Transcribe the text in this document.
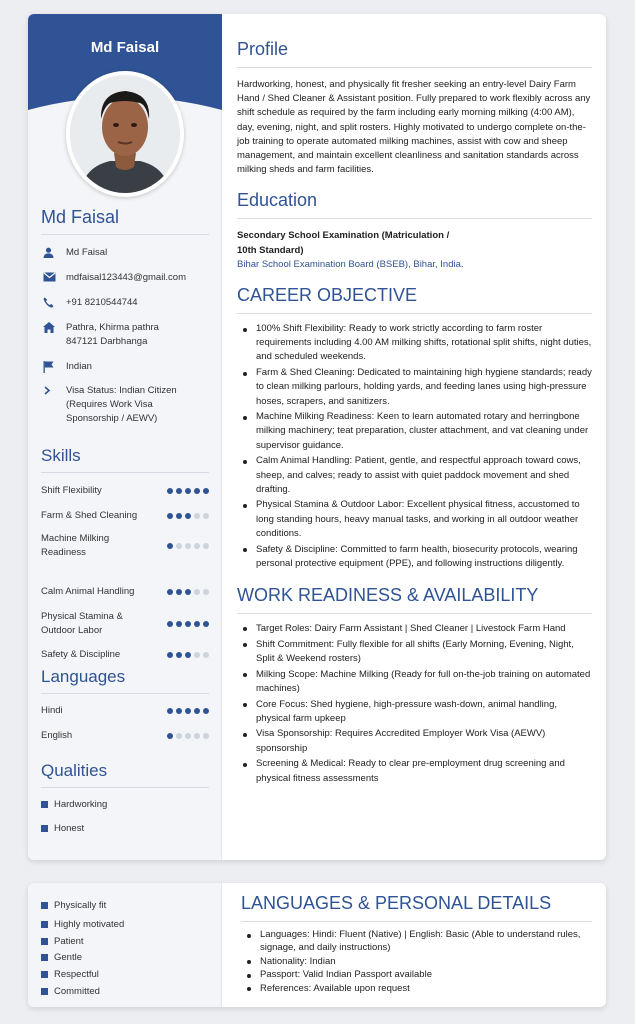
Md Faisal
Md Faisal
Md Faisal
mdfaisal123443@gmail.com
+91 8210544744
Pathra, Khirma pathra 847121 Darbhanga
Indian
Visa Status: Indian Citizen (Requires Work Visa Sponsorship / AEWV)
Skills
Shift Flexibility
Farm & Shed Cleaning
Machine Milking Readiness
Calm Animal Handling
Physical Stamina & Outdoor Labor
Safety & Discipline
Languages
Hindi
English
Qualities
Hardworking
Honest
Profile
Hardworking, honest, and physically fit fresher seeking an entry-level Dairy Farm Hand / Shed Cleaner & Assistant position. Fully prepared to work flexibly across any shift schedule as required by the farm including early morning milking (4:00 AM), day, evening, night, and split rosters. Highly motivated to undergo complete on-the-job training to operate automated milking machines, assist with cow and sheep management, and maintain excellent cleanliness and sanitation standards across milking sheds and farm facilities.
Education
Secondary School Examination (Matriculation / 10th Standard)
Bihar School Examination Board (BSEB), Bihar, India.
CAREER OBJECTIVE
100% Shift Flexibility: Ready to work strictly according to farm roster requirements including 4.00 AM milking shifts, rotational split shifts, night duties, and scheduled weekends.
Farm & Shed Cleaning: Dedicated to maintaining high hygiene standards; ready to clean milking parlours, holding yards, and feeding lanes using high-pressure hoses, scrapers, and sanitizers.
Machine Milking Readiness: Keen to learn automated rotary and herringbone milking machinery; teat preparation, cluster attachment, and vat cleaning under supervisor guidance.
Calm Animal Handling: Patient, gentle, and respectful approach toward cows, sheep, and calves; ready to assist with quiet paddock movement and shed drafting.
Physical Stamina & Outdoor Labor: Excellent physical fitness, accustomed to long standing hours, heavy manual tasks, and working in all outdoor weather conditions.
Safety & Discipline: Committed to farm health, biosecurity protocols, wearing personal protective equipment (PPE), and following instructions diligently.
WORK READINESS & AVAILABILITY
Target Roles: Dairy Farm Assistant | Shed Cleaner | Livestock Farm Hand
Shift Commitment: Fully flexible for all shifts (Early Morning, Evening, Night, Split & Weekend rosters)
Milking Scope: Machine Milking (Ready for full on-the-job training on automated machines)
Core Focus: Shed hygiene, high-pressure wash-down, animal handling, physical farm upkeep
Visa Sponsorship: Requires Accredited Employer Work Visa (AEWV) sponsorship
Screening & Medical: Ready to clear pre-employment drug screening and physical fitness assessments
Physically fit
Highly motivated
Patient
Gentle
Respectful
Committed
LANGUAGES & PERSONAL DETAILS
Languages: Hindi: Fluent (Native) | English: Basic (Able to understand rules, signage, and daily instructions)
Nationality: Indian
Passport: Valid Indian Passport available
References: Available upon request
